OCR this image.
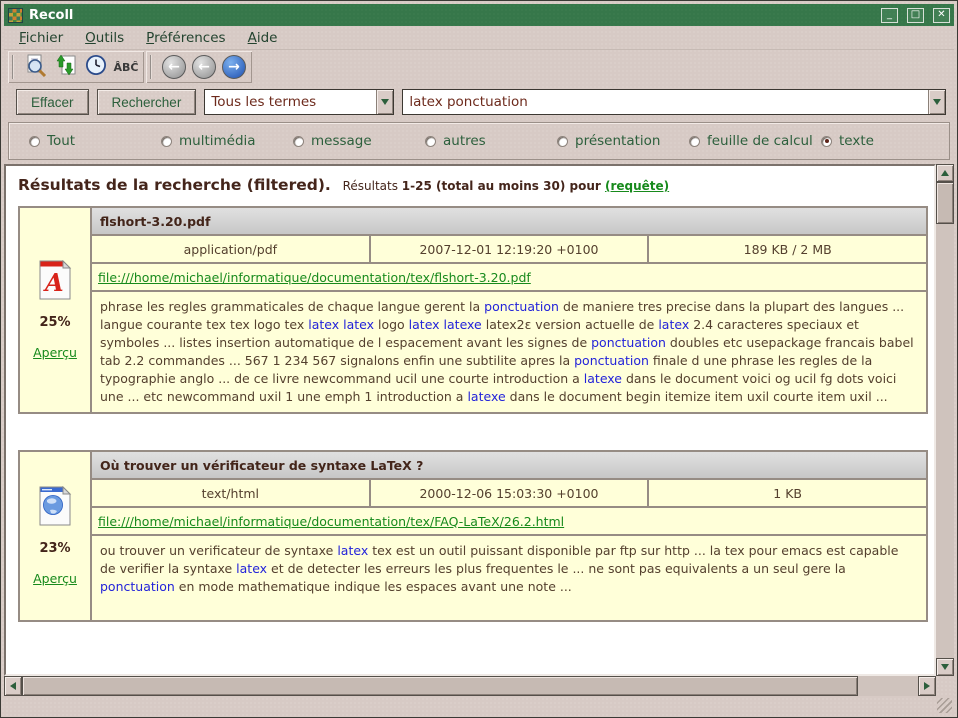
Recoll	_	□	✕
Fichier	Outils	Préférences	Aide
ÂBĈ	←	←	→
Effacer	Rechercher	Tous les termes	latex ponctuation
Tout	multimédia	message	autres	présentation	feuille de calcul texte
Résultats de la recherche (filtered). Résultats 1-25 (total au moins 30) pour (requête)
A
25%
Aperçu
flshort-3.20.pdf
application/pdf	2007-12-01 12:19:20 +0100	189 KB / 2 MB
file:///home/michael/informatique/documentation/tex/flshort-3.20.pdf
phrase les regles grammaticales de chaque langue gerent la ponctuation de maniere tres precise dans la plupart des langues ... langue courante tex tex logo tex latex latex logo latex latexe latex2ε version actuelle de latex 2.4 caracteres speciaux et symboles ... listes insertion automatique de l espacement avant les signes de ponctuation doubles etc usepackage francais babel tab 2.2 commandes ... 567 1 234 567 signalons enfin une subtilite apres la ponctuation finale d une phrase les regles de la typographie anglo ... de ce livre newcommand ucil une courte introduction a latexe dans le document voici og ucil fg dots voici une ... etc newcommand uxil 1 une emph 1 introduction a latexe dans le document begin itemize item uxil courte item uxil ...
23%
Aperçu
Où trouver un vérificateur de syntaxe LaTeX ?
text/html	2000-12-06 15:03:30 +0100	1 KB
file:///home/michael/informatique/documentation/tex/FAQ-LaTeX/26.2.html
ou trouver un verificateur de syntaxe latex tex est un outil puissant disponible par ftp sur http ... la tex pour emacs est capable de verifier la syntaxe latex et de detecter les erreurs les plus frequentes le ... ne sont pas equivalents a un seul gere la ponctuation en mode mathematique indique les espaces avant une note ...
